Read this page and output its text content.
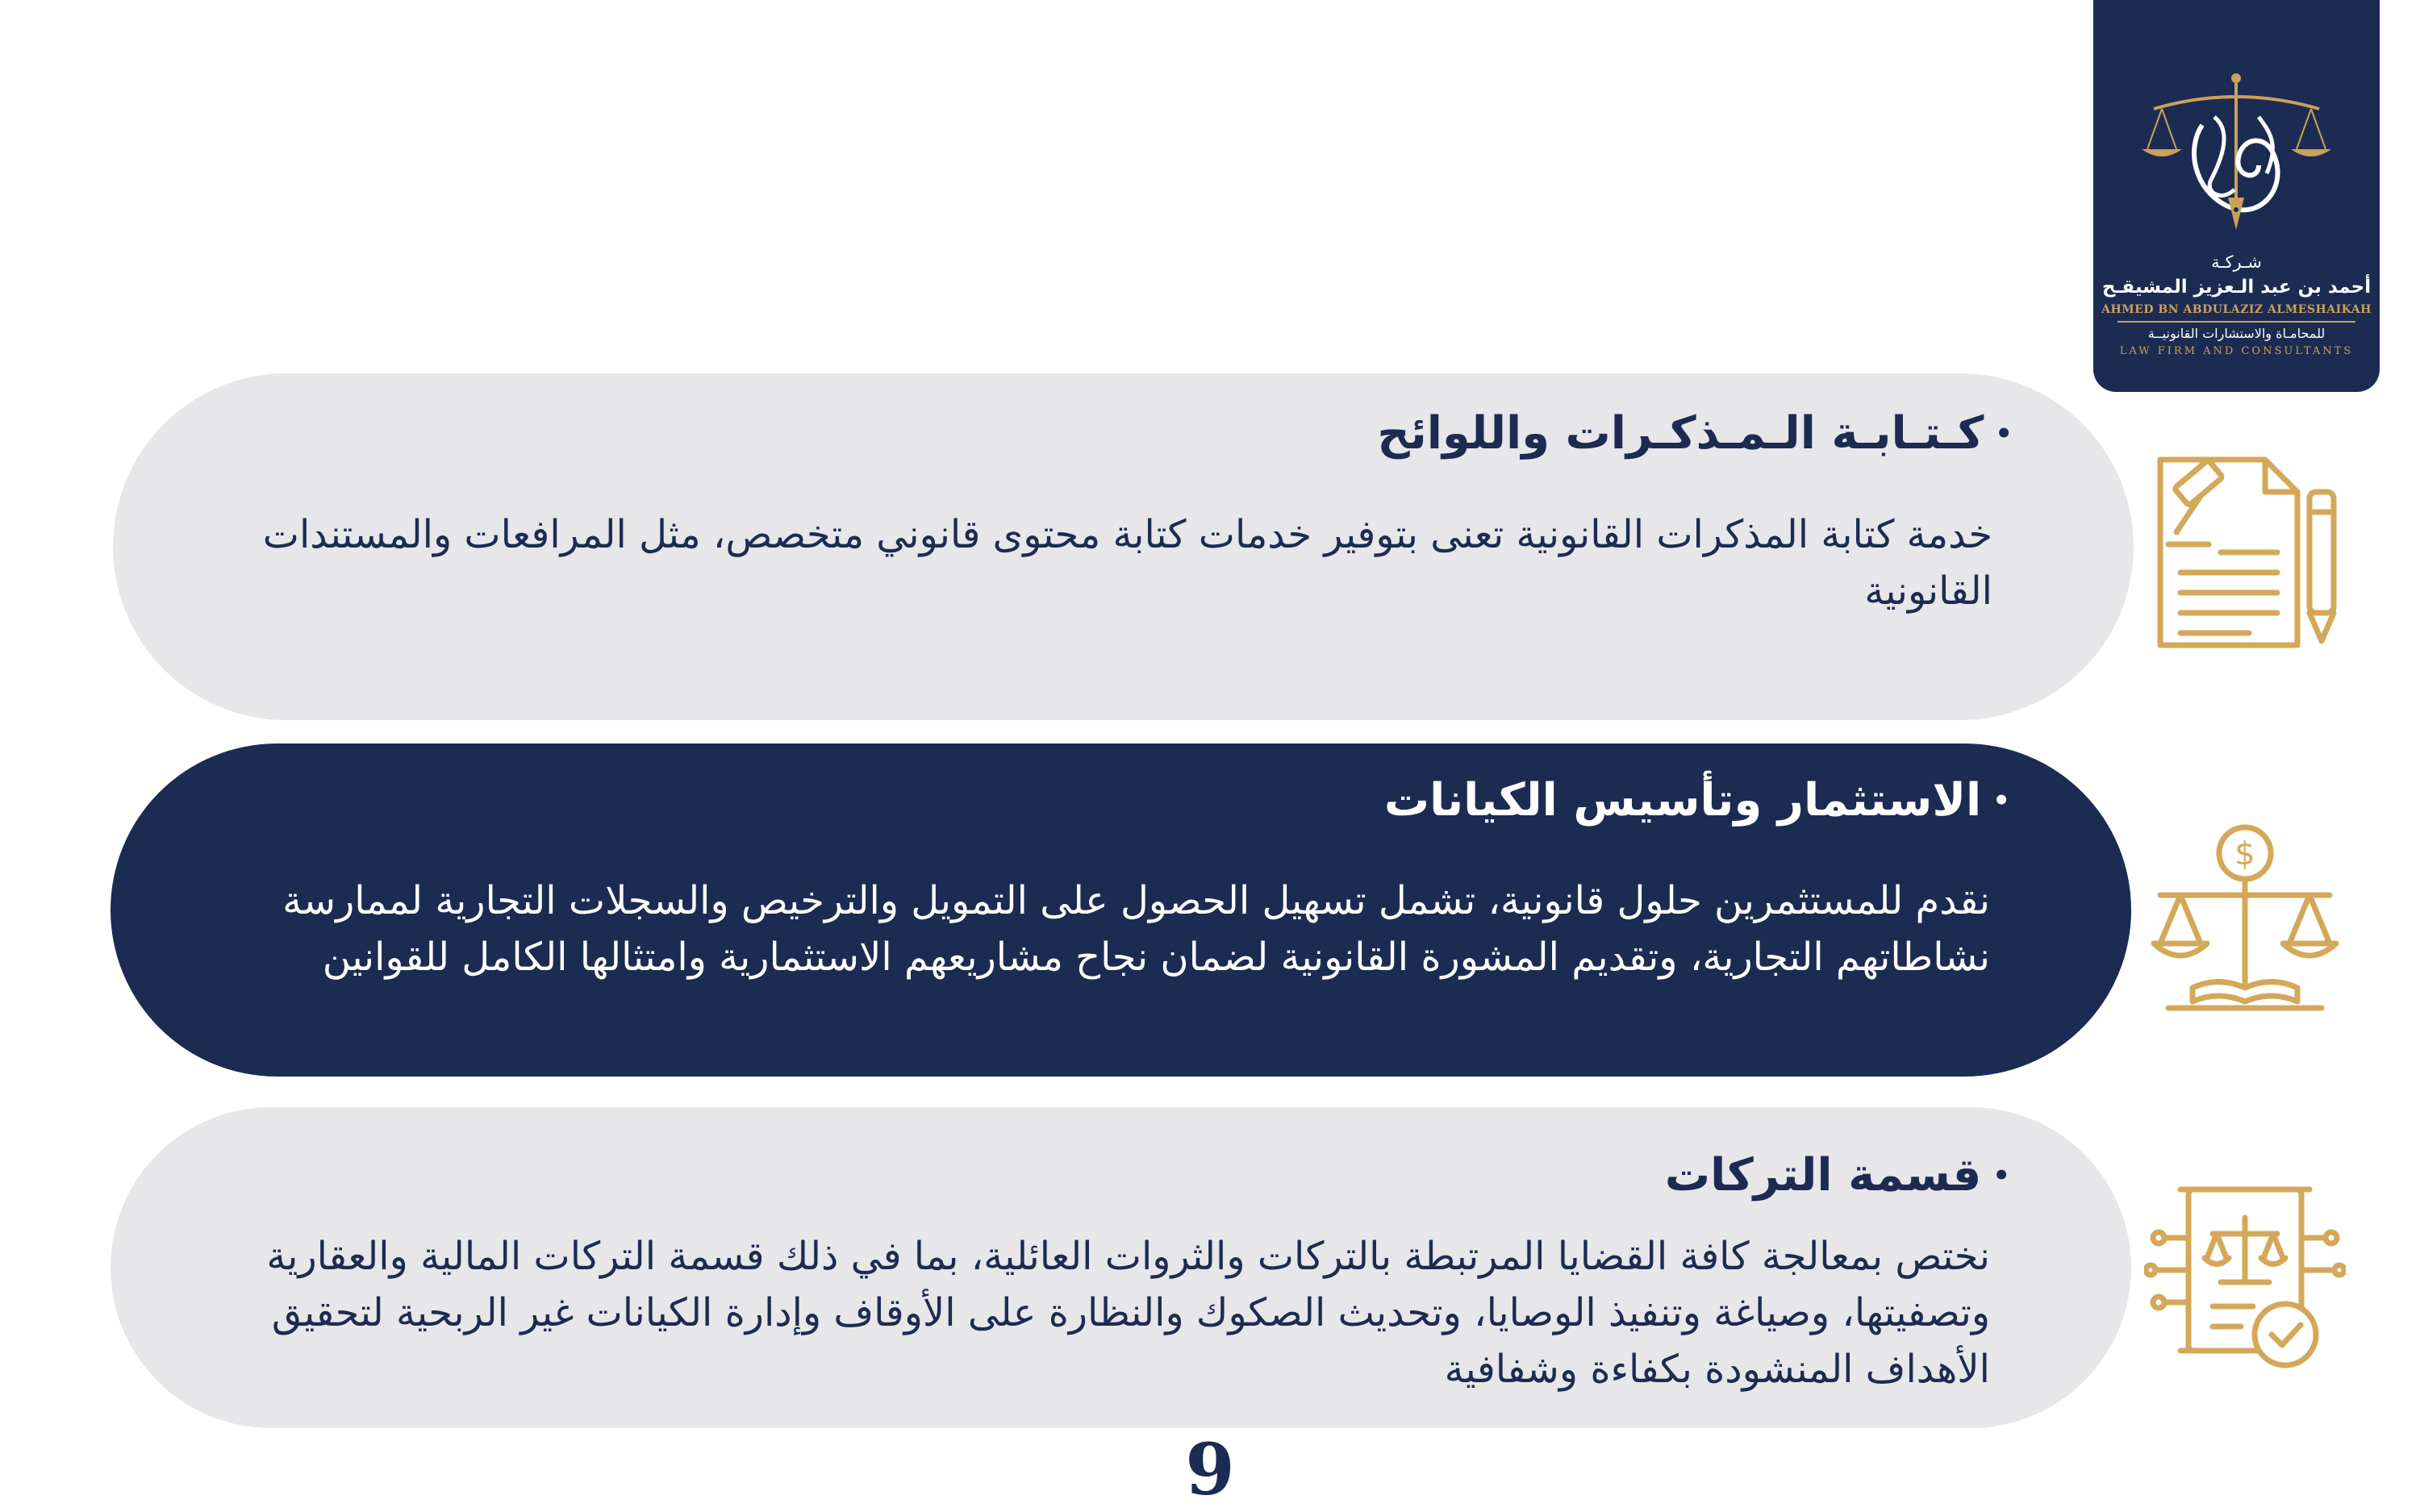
شـركـة
أحمد بن عبد الـعزيز المشيقـح
AHMED BN ABDULAZIZ ALMESHAIKAH
للمحامـاة والاستشارات القانونيــة
LAW FIRM AND CONSULTANTS
•
كـتـابـة الـمـذكـرات واللوائح
خدمة كتابة المذكرات القانونية تعنى بتوفير خدمات كتابة محتوى قانوني متخصص، مثل المرافعات والمستندات القانونية
•
الاستثمار وتأسيس الكيانات
نقدم للمستثمرين حلول قانونية، تشمل تسهيل الحصول على التمويل والترخيص والسجلات التجارية لممارسة نشاطاتهم التجارية، وتقديم المشورة القانونية لضمان نجاح مشاريعهم الاستثمارية وامتثالها الكامل للقوانين
•
قسمة التركات
نختص بمعالجة كافة القضايا المرتبطة بالتركات والثروات العائلية، بما في ذلك قسمة التركات المالية والعقارية وتصفيتها، وصياغة وتنفيذ الوصايا، وتحديث الصكوك والنظارة على الأوقاف وإدارة الكيانات غير الربحية لتحقيق الأهداف المنشودة بكفاءة وشفافية
$
9
